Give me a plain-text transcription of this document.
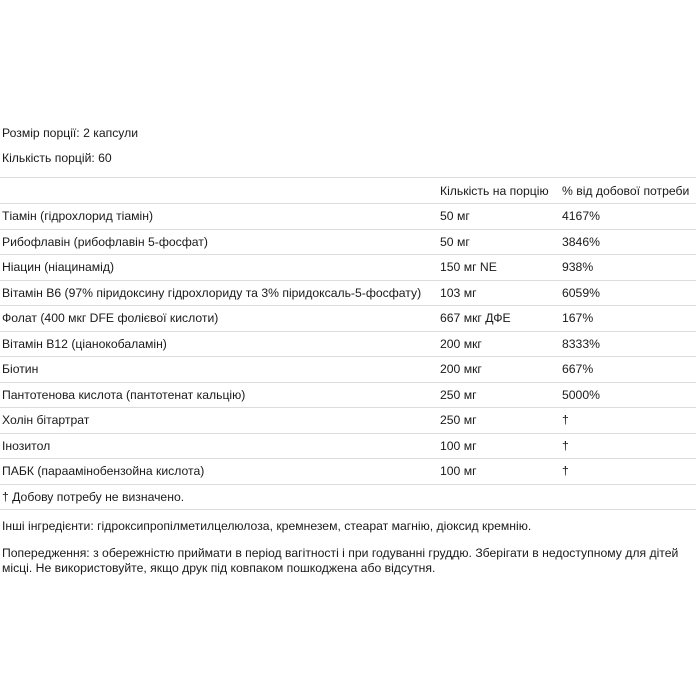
Розмір порції: 2 капсули
Кількість порцій: 60
	Кількість на порцію	% від добової потреби
Тіамін (гідрохлорид тіамін)	50 мг	4167%
Рибофлавін (рибофлавін 5-фосфат)	50 мг	3846%
Ніацин (ніацинамід)	150 мг NE	938%
Вітамін В6 (97% піридоксину гідрохлориду та 3% піридоксаль-5-фосфату)	103 мг	6059%
Фолат (400 мкг DFE фолієвої кислоти)	667 мкг ДФЕ	167%
Вітамін В12 (ціанокобаламін)	200 мкг	8333%
Біотин	200 мкг	667%
Пантотенова кислота (пантотенат кальцію)	250 мг	5000%
Холін бітартрат	250 мг	†
Інозитол	100 мг	†
ПАБК (параамінобензойна кислота)	100 мг	†
† Добову потребу не визначено.		
Інші інгредієнти: гідроксипропілметилцелюлоза, кремнезем, стеарат магнію, діоксид кремнію.
Попередження: з обережністю приймати в період вагітності і при годуванні груддю. Зберігати в недоступному для дітей місці. Не використовуйте, якщо друк під ковпаком пошкоджена або відсутня.
